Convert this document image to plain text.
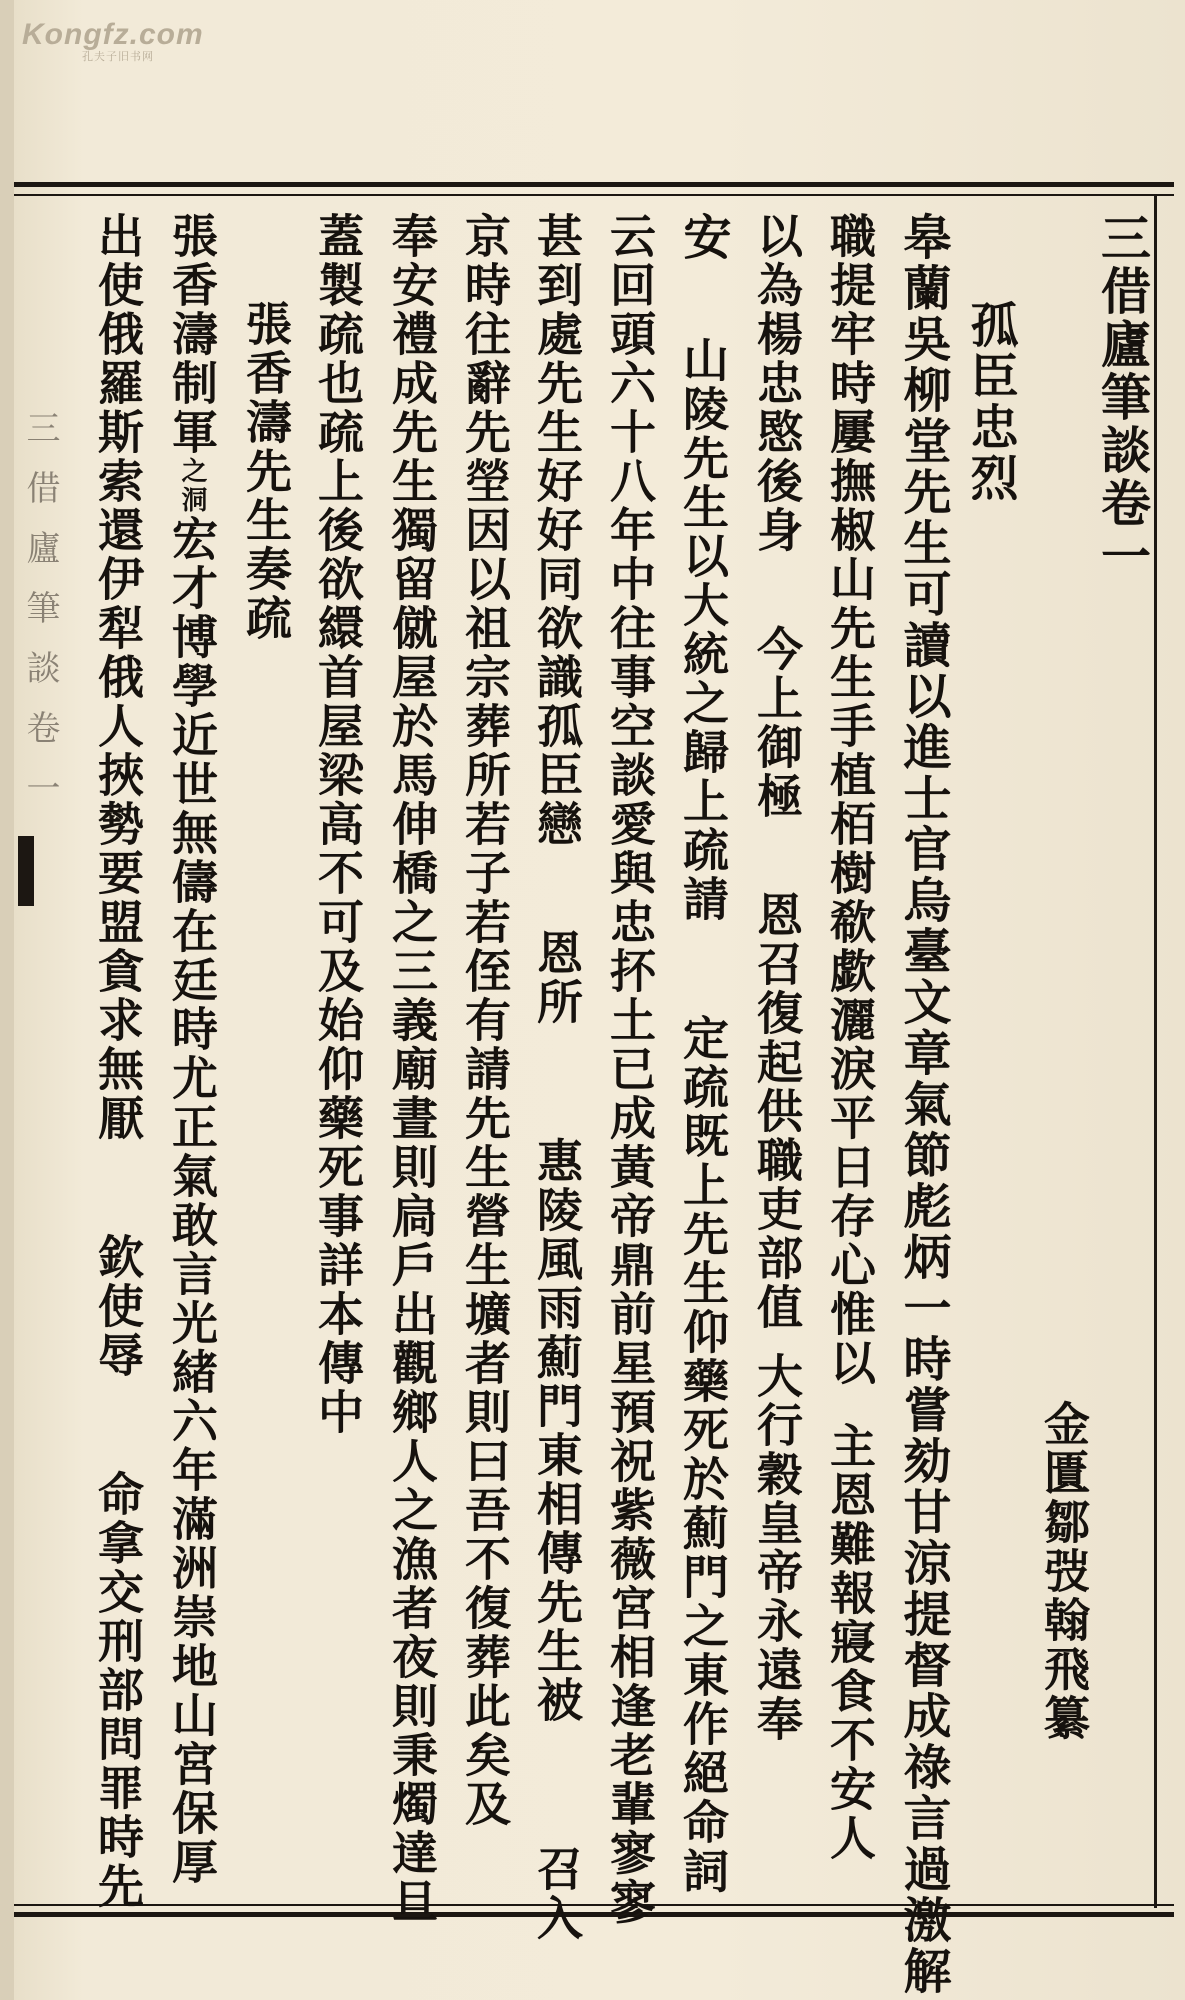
Kongfz.com
孔夫子旧书网
三借廬筆談卷一
三借廬筆談卷一
金匱鄒弢翰飛纂
孤臣忠烈
皋蘭吳柳堂先生可讀以進士官烏臺文章氣節彪炳一時嘗劾甘涼提督成祿言過激解
職提牢時屢撫椒山先生手植栢樹欷歔灑淚平日存心惟以主恩難報寢食不安人
以為楊忠愍後身今上御極恩召復起供職吏部值大行穀皇帝永遠奉
安
山陵先生以大統之歸上疏請定疏既上先生仰藥死於薊門之東作絕命詞
云回頭六十八年中往事空談愛與忠抔土已成黃帝鼎前星預祝紫薇宮相逢老輩寥寥
甚到處先生好好同欲識孤臣戀恩所惠陵風雨薊門東相傳先生被召入
京時往辭先塋因以祖宗葬所若子若侄有請先生營生壙者則曰吾不復葬此矣及
奉安禮成先生獨留僦屋於馬伸橋之三義廟晝則扃戶出觀鄉人之漁者夜則秉燭達旦
蓋製疏也疏上後欲繯首屋梁高不可及始仰藥死事詳本傳中
張香濤先生奏疏
張香濤制軍之洞宏才博學近世無儔在廷時尤正氣敢言光緒六年滿洲崇地山宮保厚
出使俄羅斯索還伊犁俄人挾勢要盟貪求無厭欽使辱命拿交刑部問罪時先
